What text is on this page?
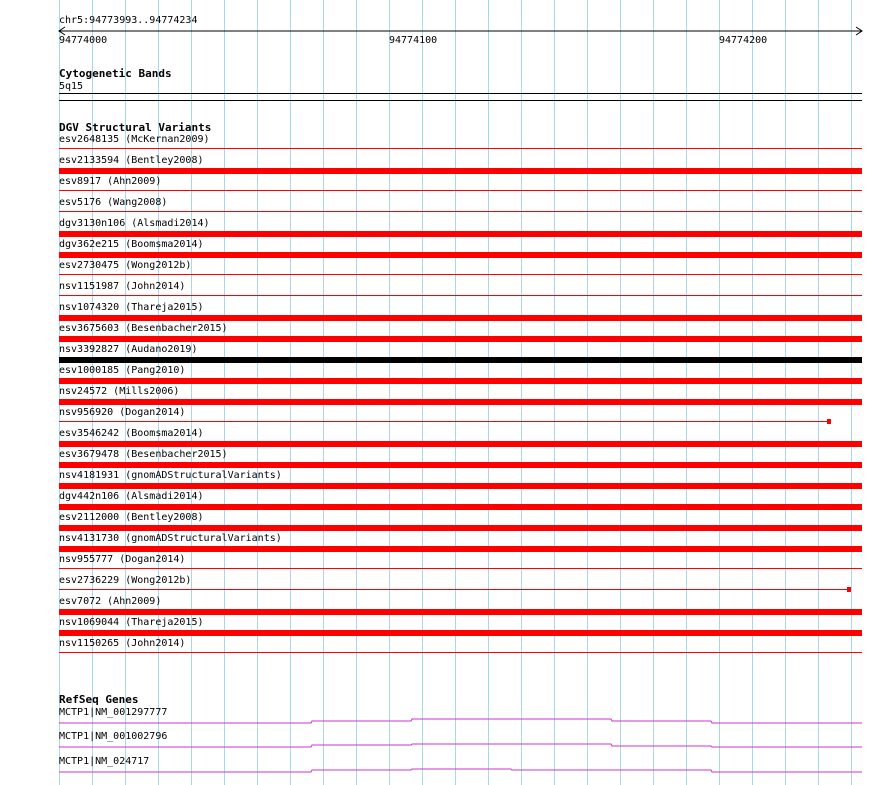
chr5:94773993..94774234
94774000	94774100	94774200
Cytogenetic Bands
5q15
DGV Structural Variants
esv2648135 (McKernan2009)
esv2133594 (Bentley2008)
esv8917 (Ahn2009)
esv5176 (Wang2008)
dgv3130n106 (Alsmadi2014)
dgv362e215 (Boomsma2014)
esv2730475 (Wong2012b)
nsv1151987 (John2014)
nsv1074320 (Thareja2015)
esv3675603 (Besenbacher2015)
nsv3392827 (Audano2019)
esv1000185 (Pang2010)
nsv24572 (Mills2006)
nsv956920 (Dogan2014)
esv3546242 (Boomsma2014)
esv3679478 (Besenbacher2015)
nsv4181931 (gnomADStructuralVariants)
dgv442n106 (Alsmadi2014)
esv2112000 (Bentley2008)
nsv4131730 (gnomADStructuralVariants)
nsv955777 (Dogan2014)
esv2736229 (Wong2012b)
esv7072 (Ahn2009)
nsv1069044 (Thareja2015)
nsv1150265 (John2014)
RefSeq Genes
MCTP1|NM_001297777
MCTP1|NM_001002796
MCTP1|NM_024717
